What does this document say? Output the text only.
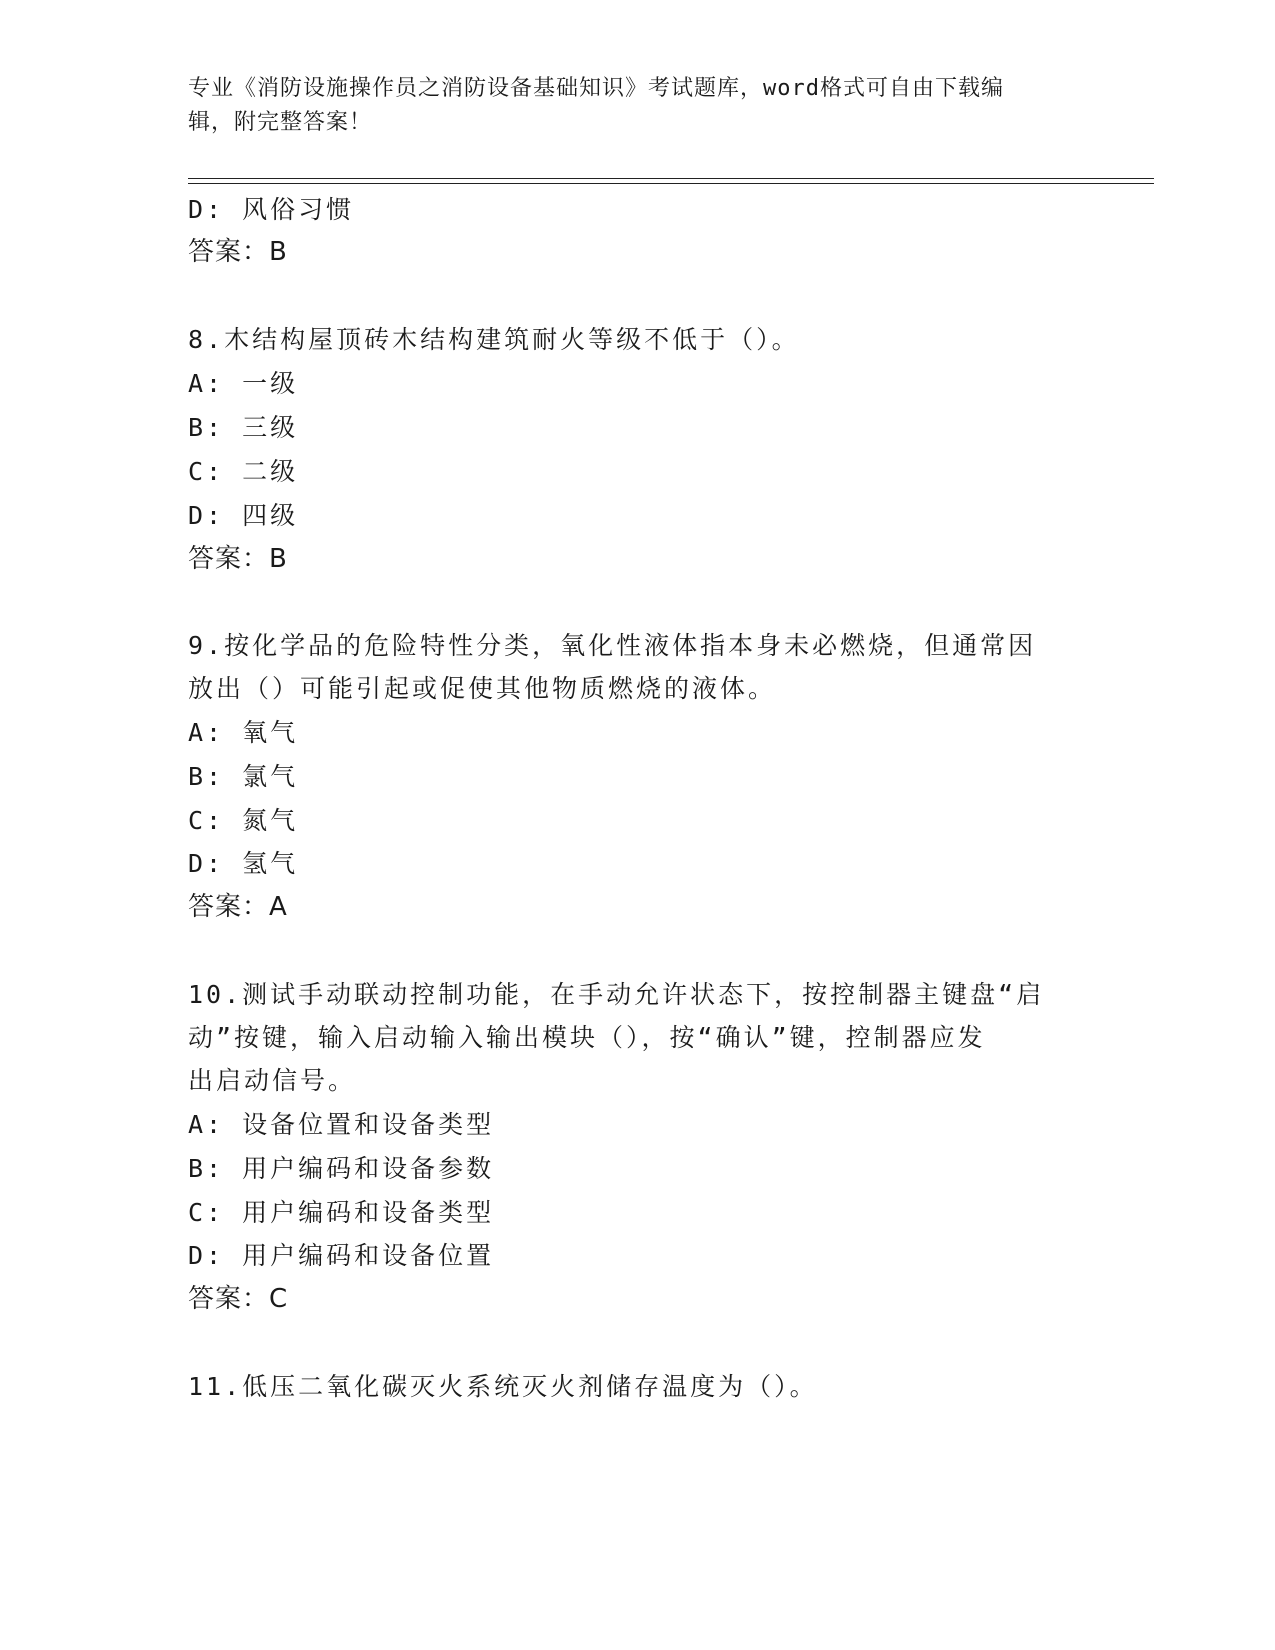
专业《消防设施操作员之消防设备基础知识》考试题库，word格式可自由下载编
辑，附完整答案！
D: 风俗习惯
答案：B
8.木结构屋顶砖木结构建筑耐火等级不低于（）。
A: 一级
B: 三级
C: 二级
D: 四级
答案：B
9.按化学品的危险特性分类，氧化性液体指本身未必燃烧，但通常因
放出（）可能引起或促使其他物质燃烧的液体。
A: 氧气
B: 氯气
C: 氮气
D: 氢气
答案：A
10.测试手动联动控制功能，在手动允许状态下，按控制器主键盘“启
动”按键，输入启动输入输出模块（），按“确认”键，控制器应发
出启动信号。
A: 设备位置和设备类型
B: 用户编码和设备参数
C: 用户编码和设备类型
D: 用户编码和设备位置
答案：C
11.低压二氧化碳灭火系统灭火剂储存温度为（）。
